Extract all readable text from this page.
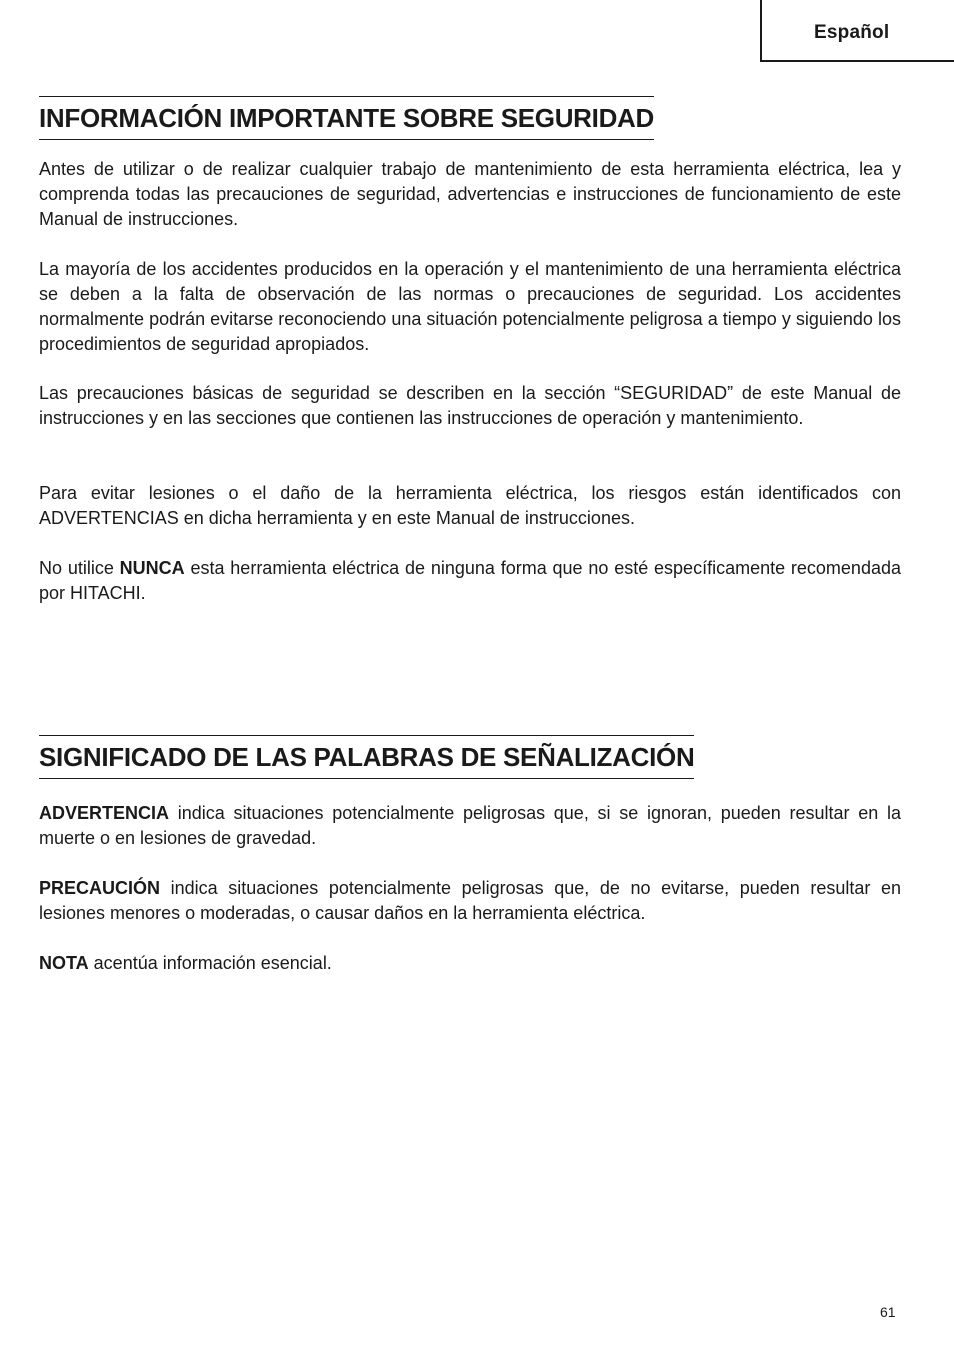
Español
INFORMACIÓN IMPORTANTE SOBRE SEGURIDAD

Antes de utilizar o de realizar cualquier trabajo de mantenimiento de esta herramienta eléctrica, lea y comprenda todas las precauciones de seguridad, advertencias e instrucciones de funcionamiento de este Manual de instrucciones.

La mayoría de los accidentes producidos en la operación y el mantenimiento de una herramienta eléctrica se deben a la falta de observación de las normas o precauciones de seguridad. Los accidentes normalmente podrán evitarse reconociendo una situación potencialmente peligrosa a tiempo y siguiendo los procedimientos de seguridad apropiados.

Las precauciones básicas de seguridad se describen en la sección “SEGURIDAD” de este Manual de instrucciones y en las secciones que contienen las instrucciones de operación y mantenimiento.

Para evitar lesiones o el daño de la herramienta eléctrica, los riesgos están identificados con ADVERTENCIAS en dicha herramienta y en este Manual de instrucciones.

No utilice NUNCA esta herramienta eléctrica de ninguna forma que no esté específicamente recomendada por HITACHI.

SIGNIFICADO DE LAS PALABRAS DE SEÑALIZACIÓN

ADVERTENCIA indica situaciones potencialmente peligrosas que, si se ignoran, pueden resultar en la muerte o en lesiones de gravedad.

PRECAUCIÓN indica situaciones potencialmente peligrosas que, de no evitarse, pueden resultar en lesiones menores o moderadas, o causar daños en la herramienta eléctrica.

NOTA acentúa información esencial.

61
